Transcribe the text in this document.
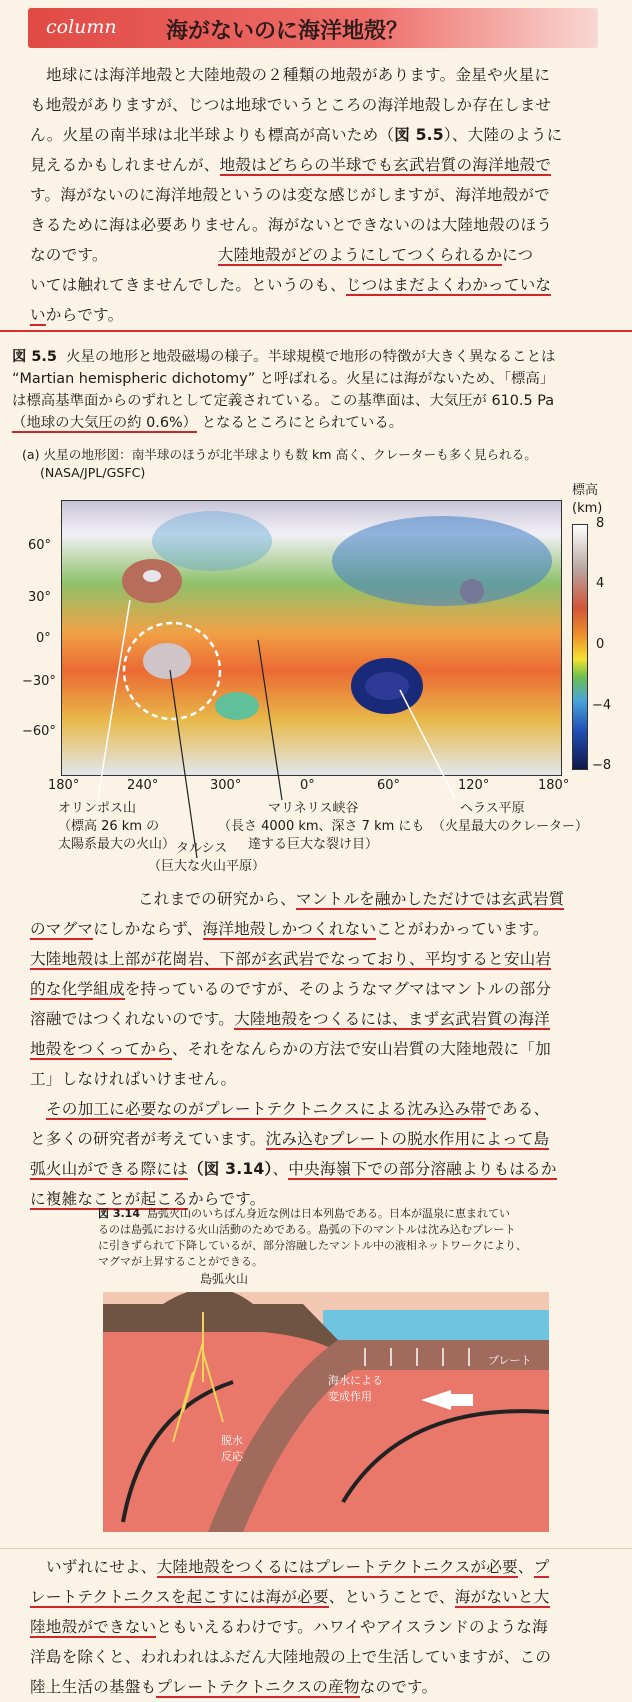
column 海がないのに海洋地殻？

地球には海洋地殻と大陸地殻の２種類の地殻があります。金星や火星に

も地殻がありますが、じつは地球でいうところの海洋地殻しか存在しませ

ん。火星の南半球は北半球よりも標高が高いため（図 5.5）、大陸のように

見えるかもしれませんが、地殻はどちらの半球でも玄武岩質の海洋地殻で

す。海がないのに海洋地殻というのは変な感じがしますが、海洋地殻がで

きるために海は必要ありません。海がないとできないのは大陸地殻のほう

なのです。	大陸地殻がどのようにしてつくられるかにつ

いては触れてきませんでした。というのも、じつはまだよくわかっていな

いからです。

図 5.5 火星の地形と地殻磁場の様子。半球規模で地形の特徴が大きく異なることは
“Martian hemispheric dichotomy” と呼ばれる。火星には海がないため、「標高」
は標高基準面からのずれとして定義されている。この基準面は、大気圧が 610.5 Pa
（地球の大気圧の約 0.6%） となるところにとられている。
(a) 火星の地形図：南半球のほうが北半球よりも数 km 高く、クレーターも多く見られる。
(NASA/JPL/GSFC)
60°
30°
0°
−30°
−60°
180°	240°	300°	0°	60°	120°	180°
標高
(km)
8
4
0
−4
−8
オリンポス山
（標高 26 km の
太陽系最大の火山） タルシス
（巨大な火山平原）
マリネリス峡谷
（長さ 4000 km、深さ 7 km にも
達する巨大な裂け目）
ヘラス平原
（火星最大のクレーター）

これまでの研究から、マントルを融かしただけでは玄武岩質

のマグマにしかならず、海洋地殻しかつくれないことがわかっています。

大陸地殻は上部が花崗岩、下部が玄武岩でなっており、平均すると安山岩

的な化学組成を持っているのですが、そのようなマグマはマントルの部分

溶融ではつくれないのです。大陸地殻をつくるには、まず玄武岩質の海洋

地殻をつくってから、それをなんらかの方法で安山岩質の大陸地殻に「加

工」しなければいけません。

その加工に必要なのがプレートテクトニクスによる沈み込み帯である、

と多くの研究者が考えています。沈み込むプレートの脱水作用によって島

弧火山ができる際には（図 3.14）、中央海嶺下での部分溶融よりもはるか

に複雑なことが起こるからです。

図 3.14 島弧火山のいちばん身近な例は日本列島である。日本が温泉に恵まれてい
るのは島弧における火山活動のためである。島弧の下のマントルは沈み込むプレート
に引きずられて下降しているが、部分溶融したマントル中の液相ネットワークにより、
マグマが上昇することができる。
島弧火山
海水による
変成作用
プレート
脱水
反応

いずれにせよ、大陸地殻をつくるにはプレートテクトニクスが必要、プ

レートテクトニクスを起こすには海が必要、ということで、海がないと大

陸地殻ができないともいえるわけです。ハワイやアイスランドのような海

洋島を除くと、われわれはふだん大陸地殻の上で生活していますが、この

陸上生活の基盤もプレートテクトニクスの産物なのです。
